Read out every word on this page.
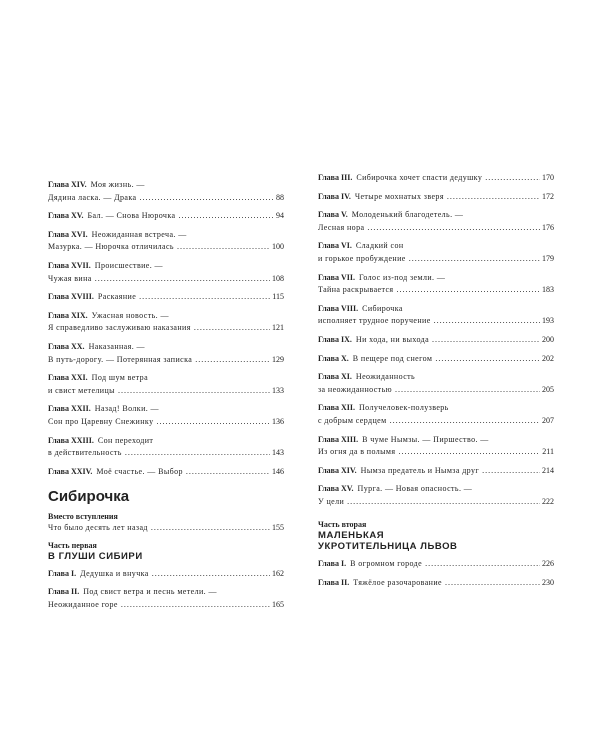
Глава XIV. Моя жизнь. —
Дядина ласка. — Драка .....	88
Глава XV. Бал. — Снова Нюрочка .....	94
Глава XVI. Неожиданная встреча. —
Мазурка. — Нюрочка отличилась .....	100
Глава XVII. Происшествие. —
Чужая вина .....	108
Глава XVIII. Раскаяние .....	115
Глава XIX. Ужасная новость. —
Я справедливо заслуживаю наказания .....	121
Глава XX. Наказанная. —
В путь-дорогу. — Потерянная записка .....	129
Глава XXI. Под шум ветра
и свист метелицы .....	133
Глава XXII. Назад! Волки. —
Сон про Царевну Снежинку .....	136
Глава XXIII. Сон переходит
в действительность .....	143
Глава XXIV. Моё счастье. — Выбор .....	146
Сибирочка
Вместо вступления
Что было десять лет назад .....	155
Часть первая
В ГЛУШИ СИБИРИ
Глава I. Дедушка и внучка .....	162
Глава II. Под свист ветра и песнь метели. —
Неожиданное горе .....	165
Глава III. Сибирочка хочет спасти дедушку .....	170
Глава IV. Четыре мохнатых зверя .....	172
Глава V. Молоденький благодетель. —
Лесная нора .....	176
Глава VI. Сладкий сон
и горькое пробуждение .....	179
Глава VII. Голос из-под земли. —
Тайна раскрывается .....	183
Глава VIII. Сибирочка
исполняет трудное поручение .....	193
Глава IX. Ни хода, ни выхода .....	200
Глава X. В пещере под снегом .....	202
Глава XI. Неожиданность
за неожиданностью .....	205
Глава XII. Получеловек-полузверь
с добрым сердцем .....	207
Глава XIII. В чуме Нымзы. — Пиршество. —
Из огня да в полымя .....	211
Глава XIV. Нымза предатель и Нымза друг .....	214
Глава XV. Пурга. — Новая опасность. —
У цели .....	222
Часть вторая
МАЛЕНЬКАЯ
УКРОТИТЕЛЬНИЦА ЛЬВОВ
Глава I. В огромном городе .....	226
Глава II. Тяжёлое разочарование .....	230
